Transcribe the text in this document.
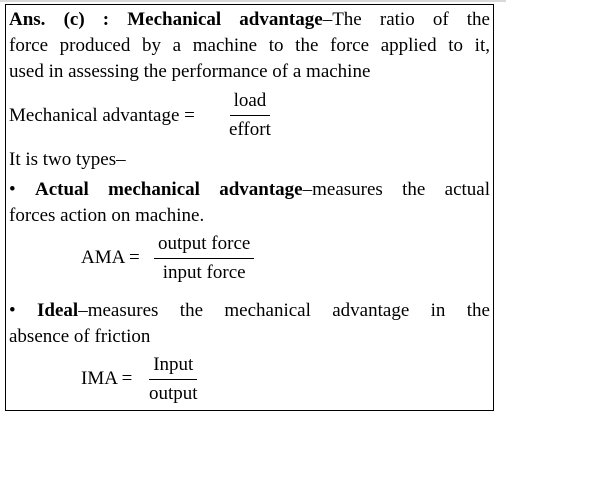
Ans. (c) : Mechanical advantage–The ratio of the
force produced by a machine to the force applied to it,
used in assessing the performance of a machine
Mechanical advantage =
load
effort
It is two types–
• Actual mechanical advantage–measures the actual
forces action on machine.
AMA =
output force
input force
• Ideal–measures the mechanical advantage in the
absence of friction
IMA =
Input
output
